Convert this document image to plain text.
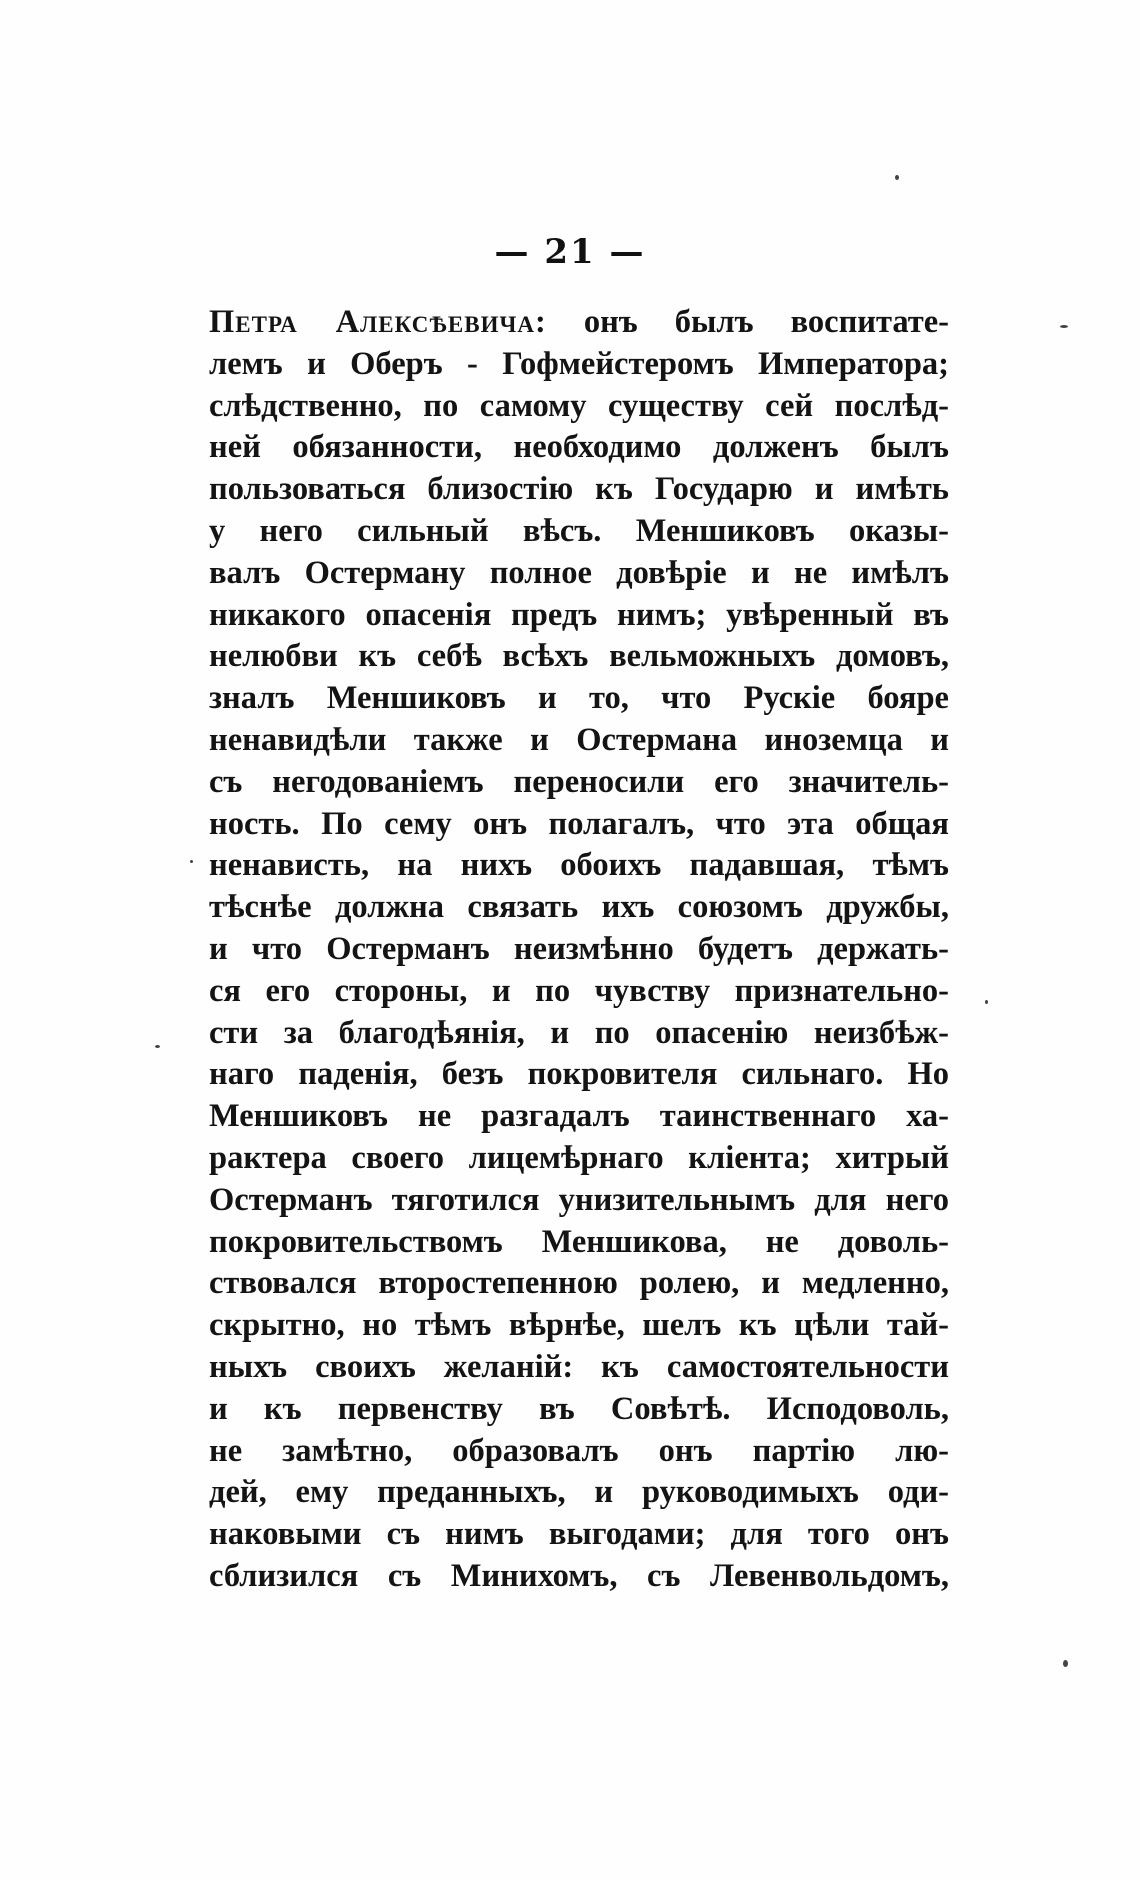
— 21 —
Петра Алексѣевича: онъ былъ воспитате-
лемъ и Оберъ - Гофмейстеромъ Императора;
слѣдственно, по самому существу сей послѣд-
ней обязанности, необходимо долженъ былъ
пользоваться близостію къ Государю и имѣть
у него сильный вѣсъ. Меншиковъ оказы-
валъ Остерману полное довѣріе и не имѣлъ
никакого опасенія предъ нимъ; увѣренный въ
нелюбви къ себѣ всѣхъ вельможныхъ домовъ,
зналъ Меншиковъ и то, что Рускіе бояре
ненавидѣли также и Остермана иноземца и
съ негодованіемъ переносили его значитель-
ность. По сему онъ полагалъ, что эта общая
ненависть, на нихъ обоихъ падавшая, тѣмъ
тѣснѣе должна связать ихъ союзомъ дружбы,
и что Остерманъ неизмѣнно будетъ держать-
ся его стороны, и по чувству признательно-
сти за благодѣянія, и по опасенію неизбѣж-
наго паденія, безъ покровителя сильнаго. Но
Меншиковъ не разгадалъ таинственнаго ха-
рактера своего лицемѣрнаго кліента; хитрый
Остерманъ тяготился унизительнымъ для него
покровительствомъ Меншикова, не доволь-
ствовался второстепенною ролею, и медленно,
скрытно, но тѣмъ вѣрнѣе, шелъ къ цѣли тай-
ныхъ своихъ желаній: къ самостоятельности
и къ первенству въ Совѣтѣ. Исподоволь,
не замѣтно, образовалъ онъ партію лю-
дей, ему преданныхъ, и руководимыхъ оди-
наковыми съ нимъ выгодами; для того онъ
сблизился съ Минихомъ, съ Левенвольдомъ,
